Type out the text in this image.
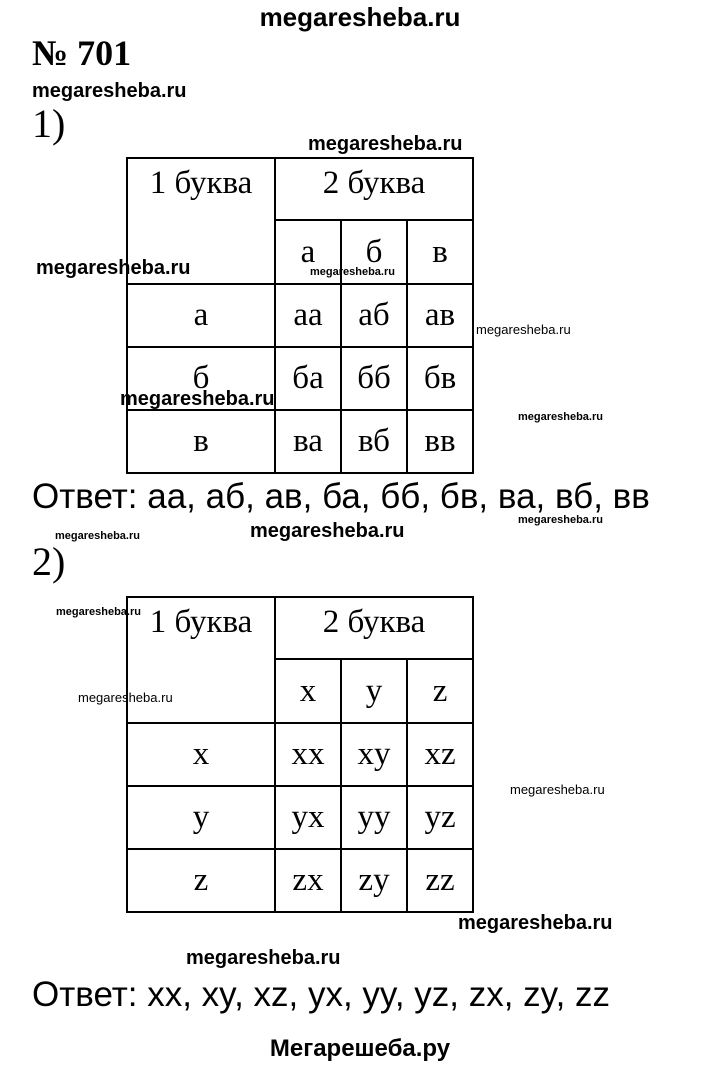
megaresheba.ru
№ 701
megaresheba.ru
megaresheba.ru
megaresheba.ru	megaresheba.ru
megaresheba.ru
megaresheba.ru
megaresheba.ru
megaresheba.ru
megaresheba.ru
megaresheba.ru
megaresheba.ru
megaresheba.ru
megaresheba.ru
megaresheba.ru
megaresheba.ru
1)
1 буква	2 буква		
	а	б	в
а	аа	аб	ав
б	ба	бб	бв
в	ва	вб	вв
Ответ: аа, аб, ав, ба, бб, бв, ва, вб, вв
2)
1 буква	2 буква		
	x	y	z
x	xx	xy	xz
y	yx	yy	yz
z	zx	zy	zz
Ответ: xx, xy, xz, yx, yy, yz, zx, zy, zz
Мегарешеба.ру
